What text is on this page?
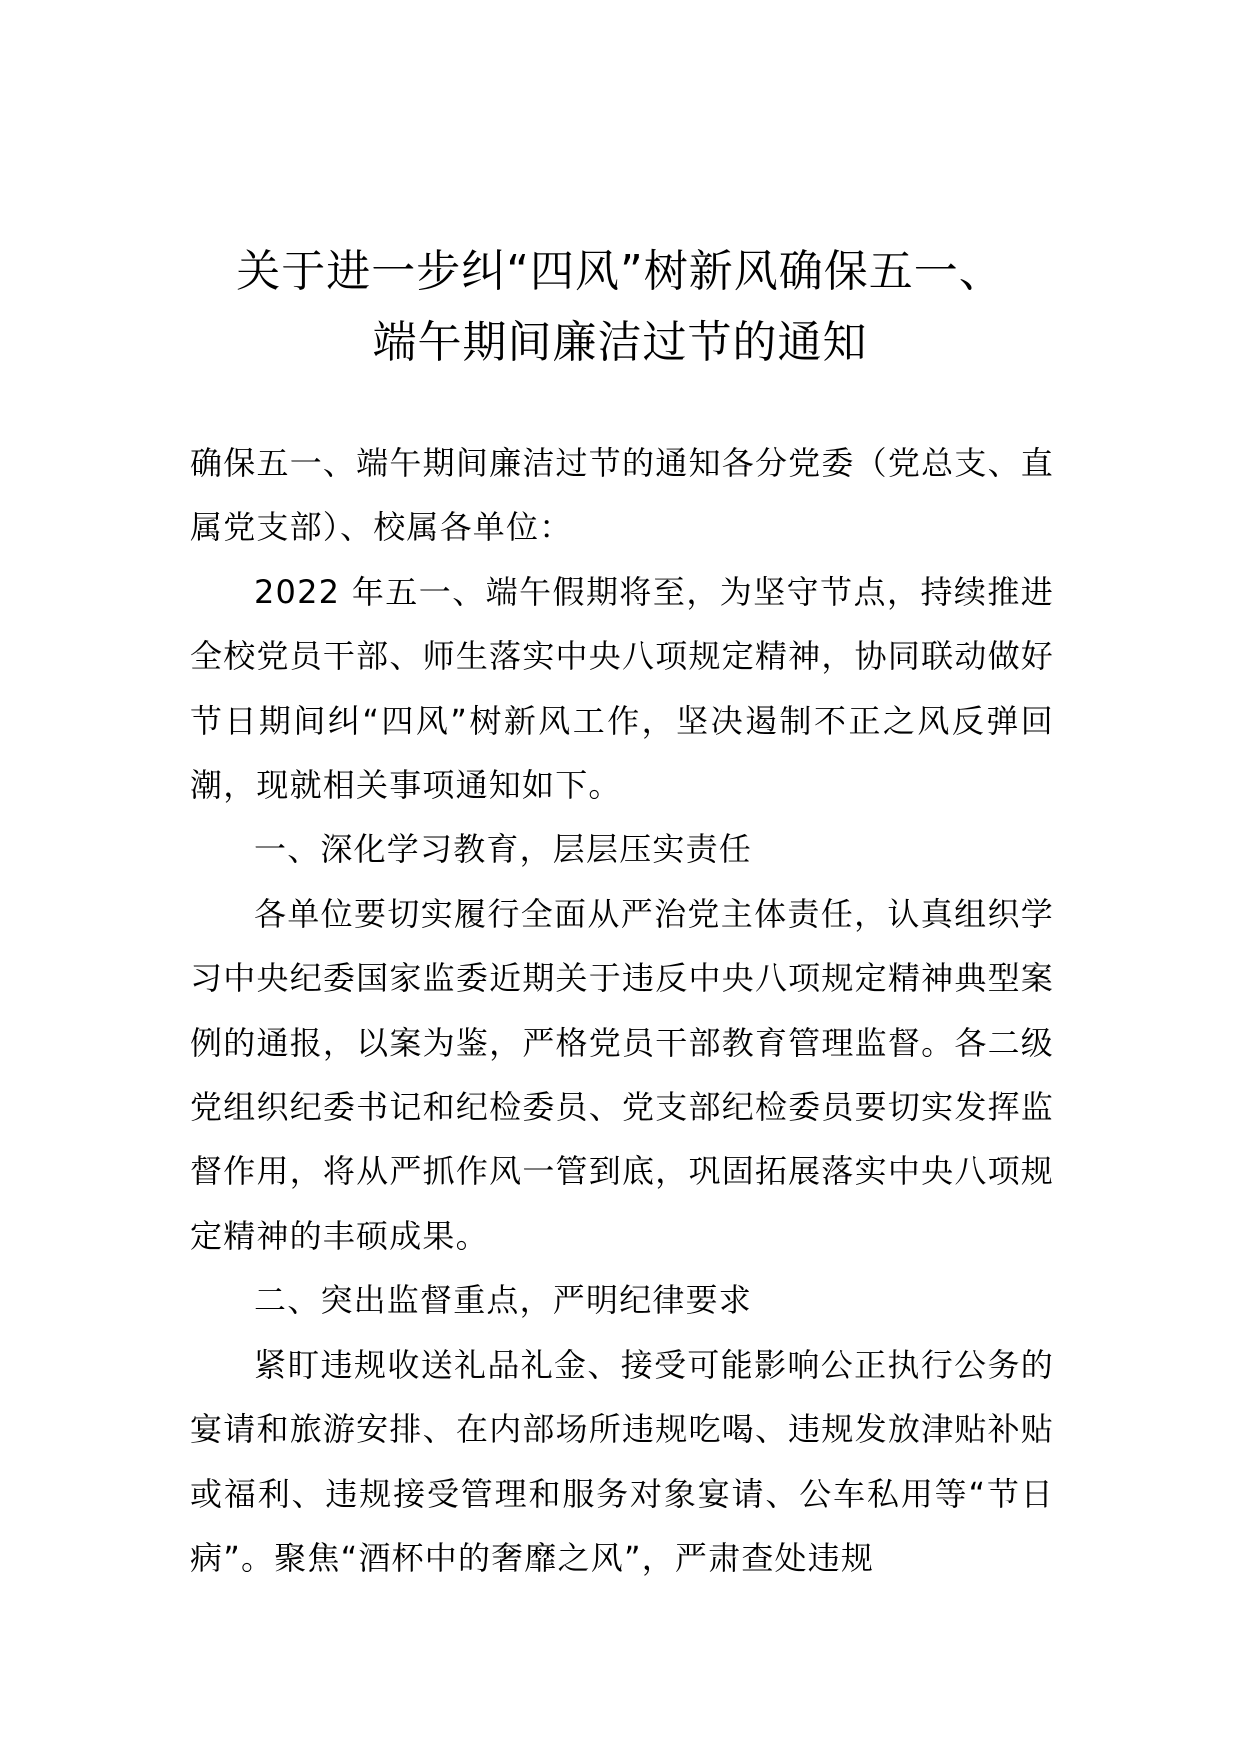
关于进一步纠“四风”树新风确保五一、
端午期间廉洁过节的通知

确保五一、端午期间廉洁过节的通知各分党委（党总支、直属党支部）、校属各单位：

2022 年五一、端午假期将至，为坚守节点，持续推进全校党员干部、师生落实中央八项规定精神，协同联动做好节日期间纠“四风”树新风工作，坚决遏制不正之风反弹回潮，现就相关事项通知如下。

一、深化学习教育，层层压实责任

各单位要切实履行全面从严治党主体责任，认真组织学习中央纪委国家监委近期关于违反中央八项规定精神典型案例的通报，以案为鉴，严格党员干部教育管理监督。各二级党组织纪委书记和纪检委员、党支部纪检委员要切实发挥监督作用，将从严抓作风一管到底，巩固拓展落实中央八项规定精神的丰硕成果。

二、突出监督重点，严明纪律要求

紧盯违规收送礼品礼金、接受可能影响公正执行公务的宴请和旅游安排、在内部场所违规吃喝、违规发放津贴补贴或福利、违规接受管理和服务对象宴请、公车私用等“节日病”。聚焦“酒杯中的奢靡之风”，严肃查处违规
